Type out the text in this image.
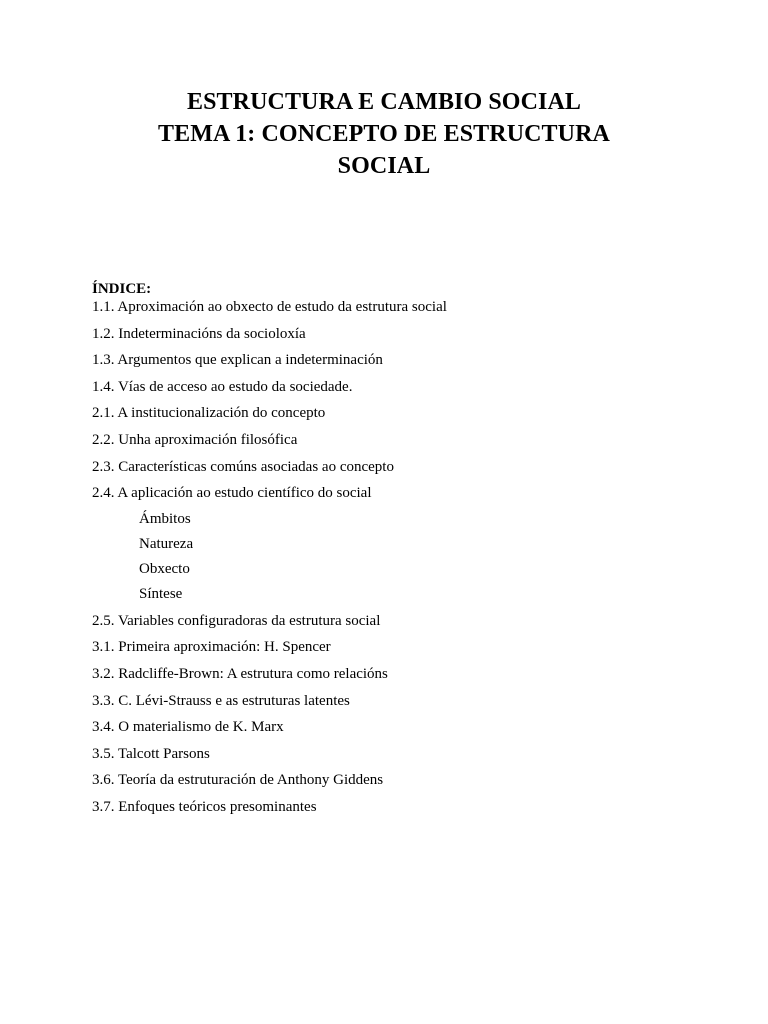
ESTRUCTURA E CAMBIO SOCIAL
TEMA 1: CONCEPTO DE ESTRUCTURA
SOCIAL
ÍNDICE:
1.1. Aproximación ao obxecto de estudo da estrutura social
1.2. Indeterminacións da socioloxía
1.3. Argumentos que explican a indeterminación
1.4. Vías de acceso ao estudo da sociedade.
2.1. A institucionalización do concepto
2.2. Unha aproximación filosófica
2.3. Características comúns asociadas ao concepto
2.4. A aplicación ao estudo científico do social
Ámbitos
Natureza
Obxecto
Síntese
2.5. Variables configuradoras da estrutura social
3.1. Primeira aproximación: H. Spencer
3.2. Radcliffe-Brown: A estrutura como relacións
3.3. C. Lévi-Strauss e as estruturas latentes
3.4. O materialismo de K. Marx
3.5. Talcott Parsons
3.6. Teoría da estruturación de Anthony Giddens
3.7. Enfoques teóricos presominantes
